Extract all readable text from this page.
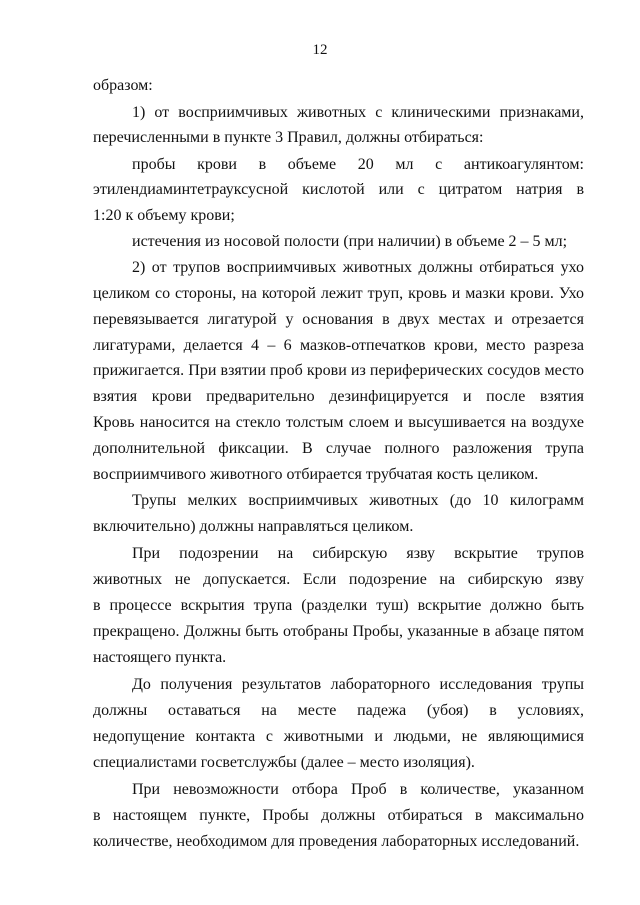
12
образом:
1) от восприимчивых животных с клиническими признаками,
перечисленными в пункте 3 Правил, должны отбираться:
пробы крови в объеме 20 мл с антикоагулянтом:
этилендиаминтетрауксусной кислотой или с цитратом натрия в
1:20 к объему крови;
истечения из носовой полости (при наличии) в объеме 2 – 5 мл;
2) от трупов восприимчивых животных должны отбираться ухо
целиком со стороны, на которой лежит труп, кровь и мазки крови. Ухо
перевязывается лигатурой у основания в двух местах и отрезается
лигатурами, делается 4 – 6 мазков-отпечатков крови, место разреза
прижигается. При взятии проб крови из периферических сосудов место
взятия крови предварительно дезинфицируется и после взятия
Кровь наносится на стекло толстым слоем и высушивается на воздухе
дополнительной фиксации. В случае полного разложения трупа
восприимчивого животного отбирается трубчатая кость целиком.
Трупы мелких восприимчивых животных (до 10 килограмм
включительно) должны направляться целиком.
При подозрении на сибирскую язву вскрытие трупов
животных не допускается. Если подозрение на сибирскую язву
в процессе вскрытия трупа (разделки туш) вскрытие должно быть
прекращено. Должны быть отобраны Пробы, указанные в абзаце пятом
настоящего пункта.
До получения результатов лабораторного исследования трупы
должны оставаться на месте падежа (убоя) в условиях,
недопущение контакта с животными и людьми, не являющимися
специалистами госветслужбы (далее – место изоляция).
При невозможности отбора Проб в количестве, указанном
в настоящем пункте, Пробы должны отбираться в максимально
количестве, необходимом для проведения лабораторных исследований.
